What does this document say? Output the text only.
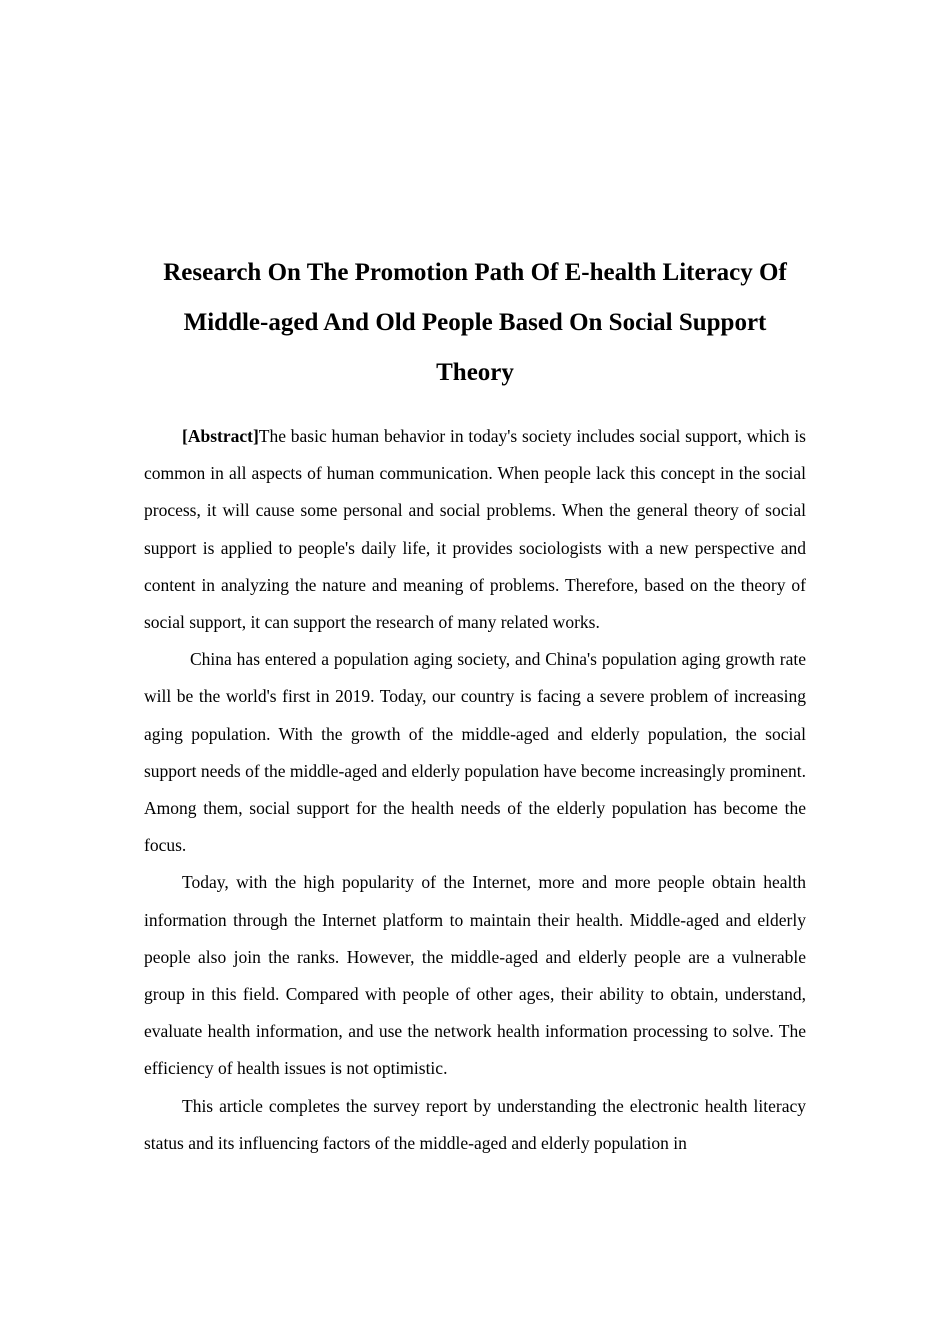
Research On The Promotion Path Of E-health Literacy Of
Middle-aged And Old People Based On Social Support
Theory

[Abstract]The basic human behavior in today's society includes social support, which is common in all aspects of human communication. When people lack this concept in the social process, it will cause some personal and social problems. When the general theory of social support is applied to people's daily life, it provides sociologists with a new perspective and content in analyzing the nature and meaning of problems. Therefore, based on the theory of social support, it can support the research of many related works.

China has entered a population aging society, and China's population aging growth rate will be the world's first in 2019. Today, our country is facing a severe problem of increasing aging population. With the growth of the middle-aged and elderly population, the social support needs of the middle-aged and elderly population have become increasingly prominent. Among them, social support for the health needs of the elderly population has become the focus.

Today, with the high popularity of the Internet, more and more people obtain health information through the Internet platform to maintain their health. Middle-aged and elderly people also join the ranks. However, the middle-aged and elderly people are a vulnerable group in this field. Compared with people of other ages, their ability to obtain, understand, evaluate health information, and use the network health information processing to solve. The efficiency of health issues is not optimistic.

This article completes the survey report by understanding the electronic health literacy status and its influencing factors of the middle-aged and elderly population in
